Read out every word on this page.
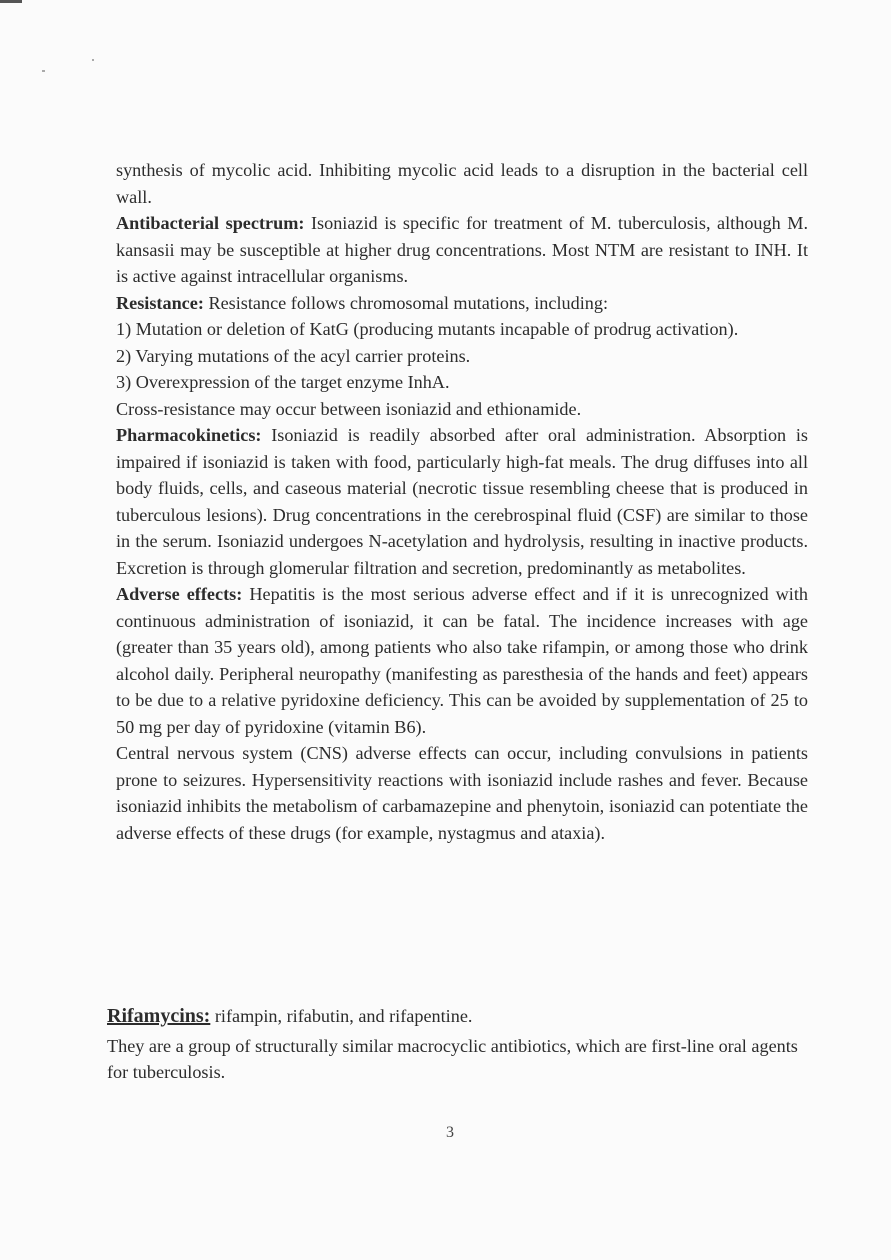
synthesis of mycolic acid. Inhibiting mycolic acid leads to a disruption in the bacterial cell wall.

Antibacterial spectrum: Isoniazid is specific for treatment of M. tuberculosis, although M. kansasii may be susceptible at higher drug concentrations. Most NTM are resistant to INH. It is active against intracellular organisms.

Resistance: Resistance follows chromosomal mutations, including:

1) Mutation or deletion of KatG (producing mutants incapable of prodrug activation).

2) Varying mutations of the acyl carrier proteins.

3) Overexpression of the target enzyme InhA.

Cross-resistance may occur between isoniazid and ethionamide.

Pharmacokinetics: Isoniazid is readily absorbed after oral administration. Absorption is impaired if isoniazid is taken with food, particularly high-fat meals. The drug diffuses into all body fluids, cells, and caseous material (necrotic tissue resembling cheese that is produced in tuberculous lesions). Drug concentrations in the cerebrospinal fluid (CSF) are similar to those in the serum. Isoniazid undergoes N-acetylation and hydrolysis, resulting in inactive products. Excretion is through glomerular filtration and secretion, predominantly as metabolites.

Adverse effects: Hepatitis is the most serious adverse effect and if it is unrecognized with continuous administration of isoniazid, it can be fatal. The incidence increases with age (greater than 35 years old), among patients who also take rifampin, or among those who drink alcohol daily. Peripheral neuropathy (manifesting as paresthesia of the hands and feet) appears to be due to a relative pyridoxine deficiency. This can be avoided by supplementation of 25 to 50 mg per day of pyridoxine (vitamin B6).

Central nervous system (CNS) adverse effects can occur, including convulsions in patients prone to seizures. Hypersensitivity reactions with isoniazid include rashes and fever. Because isoniazid inhibits the metabolism of carbamazepine and phenytoin, isoniazid can potentiate the adverse effects of these drugs (for example, nystagmus and ataxia).

Rifamycins: rifampin, rifabutin, and rifapentine.

They are a group of structurally similar macrocyclic antibiotics, which are first-line oral agents for tuberculosis.

3
